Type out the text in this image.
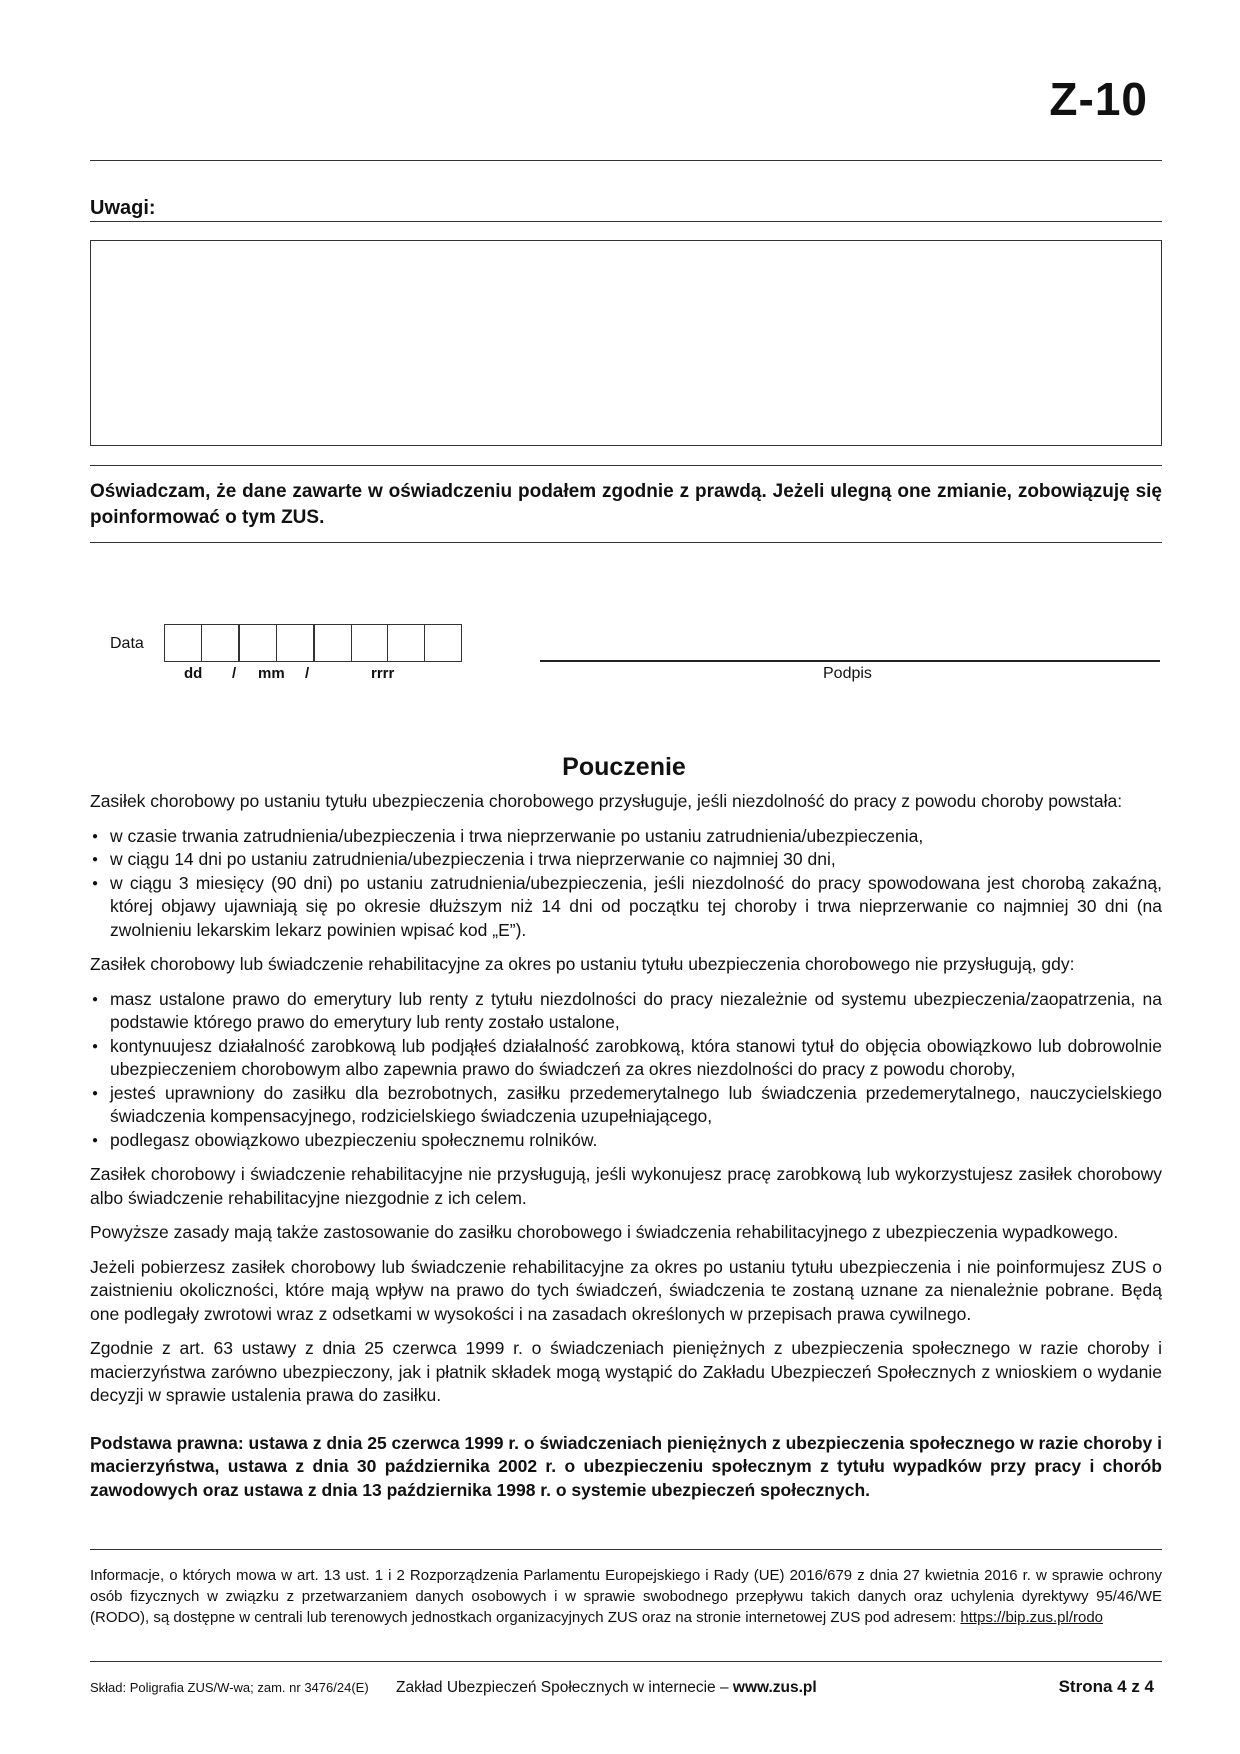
Z-10
Uwagi:
Oświadczam, że dane zawarte w oświadczeniu podałem zgodnie z prawdą. Jeżeli ulegną one zmianie, zobowiązuję się poinformować o tym ZUS.
Data
dd / mm /	rrrr	Podpis
Pouczenie

Zasiłek chorobowy po ustaniu tytułu ubezpieczenia chorobowego przysługuje, jeśli niezdolność do pracy z powodu choroby powstała:

● w czasie trwania zatrudnienia/ubezpieczenia i trwa nieprzerwanie po ustaniu zatrudnienia/ubezpieczenia,
● w ciągu 14 dni po ustaniu zatrudnienia/ubezpieczenia i trwa nieprzerwanie co najmniej 30 dni,
● w ciągu 3 miesięcy (90 dni) po ustaniu zatrudnienia/ubezpieczenia, jeśli niezdolność do pracy spowodowana jest chorobą zakaźną, której objawy ujawniają się po okresie dłuższym niż 14 dni od początku tej choroby i trwa nieprzerwanie co najmniej 30 dni (na zwolnieniu lekarskim lekarz powinien wpisać kod „E”).

Zasiłek chorobowy lub świadczenie rehabilitacyjne za okres po ustaniu tytułu ubezpieczenia chorobowego nie przysługują, gdy:

● masz ustalone prawo do emerytury lub renty z tytułu niezdolności do pracy niezależnie od systemu ubezpieczenia/zaopatrzenia, na podstawie którego prawo do emerytury lub renty zostało ustalone,
● kontynuujesz działalność zarobkową lub podjąłeś działalność zarobkową, która stanowi tytuł do objęcia obowiązkowo lub dobrowolnie ubezpieczeniem chorobowym albo zapewnia prawo do świadczeń za okres niezdolności do pracy z powodu choroby,
● jesteś uprawniony do zasiłku dla bezrobotnych, zasiłku przedemerytalnego lub świadczenia przedemerytalnego, nauczycielskiego świadczenia kompensacyjnego, rodzicielskiego świadczenia uzupełniającego,
● podlegasz obowiązkowo ubezpieczeniu społecznemu rolników.

Zasiłek chorobowy i świadczenie rehabilitacyjne nie przysługują, jeśli wykonujesz pracę zarobkową lub wykorzystujesz zasiłek chorobowy albo świadczenie rehabilitacyjne niezgodnie z ich celem.

Powyższe zasady mają także zastosowanie do zasiłku chorobowego i świadczenia rehabilitacyjnego z ubezpieczenia wypadkowego.

Jeżeli pobierzesz zasiłek chorobowy lub świadczenie rehabilitacyjne za okres po ustaniu tytułu ubezpieczenia i nie poinformujesz ZUS o zaistnieniu okoliczności, które mają wpływ na prawo do tych świadczeń, świadczenia te zostaną uznane za nienależnie pobrane. Będą one podlegały zwrotowi wraz z odsetkami w wysokości i na zasadach określonych w przepisach prawa cywilnego.

Zgodnie z art. 63 ustawy z dnia 25 czerwca 1999 r. o świadczeniach pieniężnych z ubezpieczenia społecznego w razie choroby i macierzyństwa zarówno ubezpieczony, jak i płatnik składek mogą wystąpić do Zakładu Ubezpieczeń Społecznych z wnioskiem o wydanie decyzji w sprawie ustalenia prawa do zasiłku.

Podstawa prawna: ustawa z dnia 25 czerwca 1999 r. o świadczeniach pieniężnych z ubezpieczenia społecznego w razie choroby i macierzyństwa, ustawa z dnia 30 października 2002 r. o ubezpieczeniu społecznym z tytułu wypadków przy pracy i chorób zawodowych oraz ustawa z dnia 13 października 1998 r. o systemie ubezpieczeń społecznych.

Informacje, o których mowa w art. 13 ust. 1 i 2 Rozporządzenia Parlamentu Europejskiego i Rady (UE) 2016/679 z dnia 27 kwietnia 2016 r. w sprawie ochrony osób fizycznych w związku z przetwarzaniem danych osobowych i w sprawie swobodnego przepływu takich danych oraz uchylenia dyrektywy 95/46/WE (RODO), są dostępne w centrali lub terenowych jednostkach organizacyjnych ZUS oraz na stronie internetowej ZUS pod adresem: https://bip.zus.pl/rodo
Skład: Poligrafia ZUS/W-wa; zam. nr 3476/24(E) Zakład Ubezpieczeń Społecznych w internecie – www.zus.pl	Strona 4 z 4
